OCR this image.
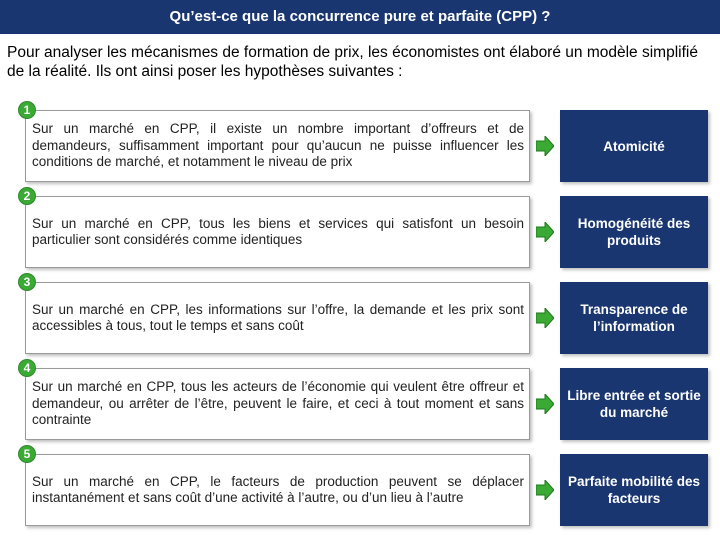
Qu’est-ce que la concurrence pure et parfaite (CPP) ?
Pour analyser les mécanismes de formation de prix, les économistes ont élaboré un modèle simplifié de la réalité. Ils ont ainsi poser les hypothèses suivantes :
Sur un marché en CPP, il existe un nombre important d’offreurs et de demandeurs, suffisamment important pour qu’aucun ne puisse influencer les conditions de marché, et notamment le niveau de prix
1
Atomicité
Sur un marché en CPP, tous les biens et services qui satisfont un besoin particulier sont considérés comme identiques
2
Homogénéité des produits
Sur un marché en CPP, les informations sur l’offre, la demande et les prix sont accessibles à tous, tout le temps et sans coût
3
Transparence de l’information
Sur un marché en CPP, tous les acteurs de l’économie qui veulent être offreur et demandeur, ou arrêter de l’être, peuvent le faire, et ceci à tout moment et sans contrainte
4
Libre entrée et sortie du marché
Sur un marché en CPP, le facteurs de production peuvent se déplacer instantanément et sans coût d’une activité à l’autre, ou d’un lieu à l’autre
5
Parfaite mobilité des facteurs
